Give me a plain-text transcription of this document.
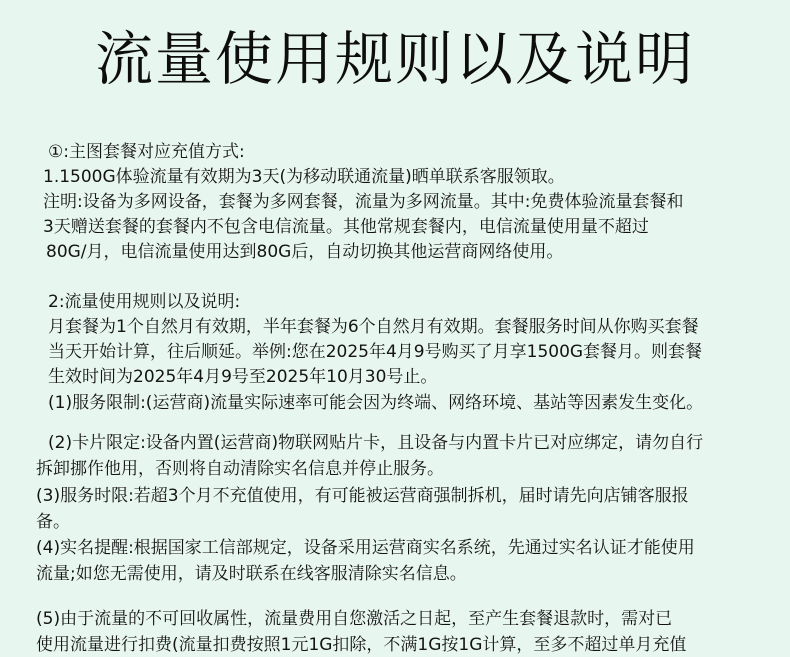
流量使用规则以及说明
①:主图套餐对应充值方式:
1.1500G体验流量有效期为3天(为移动联通流量)晒单联系客服领取。
注明:设备为多网设备，套餐为多网套餐，流量为多网流量。其中:免费体验流量套餐和
3天赠送套餐的套餐内不包含电信流量。其他常规套餐内，电信流量使用量不超过
80G/月，电信流量使用达到80G后，自动切换其他运营商网络使用。
2:流量使用规则以及说明:
月套餐为1个自然月有效期，半年套餐为6个自然月有效期。套餐服务时间从你购买套餐
当天开始计算，往后顺延。举例:您在2025年4月9号购买了月享1500G套餐月。则套餐
生效时间为2025年4月9号至2025年10月30号止。
(1)服务限制:(运营商)流量实际速率可能会因为终端、网络环境、基站等因素发生变化。
(2)卡片限定:设备内置(运营商)物联网贴片卡，且设备与内置卡片已对应绑定，请勿自行
拆卸挪作他用，否则将自动清除实名信息并停止服务。
(3)服务时限:若超3个月不充值使用，有可能被运营商强制拆机，届时请先向店铺客服报
备。
(4)实名提醒:根据国家工信部规定，设备采用运营商实名系统，先通过实名认证才能使用
流量;如您无需使用，请及时联系在线客服清除实名信息。
(5)由于流量的不可回收属性，流量费用自您激活之日起，至产生套餐退款时，需对已
使用流量进行扣费(流量扣费按照1元1G扣除，不满1G按1G计算，至多不超过单月充值
